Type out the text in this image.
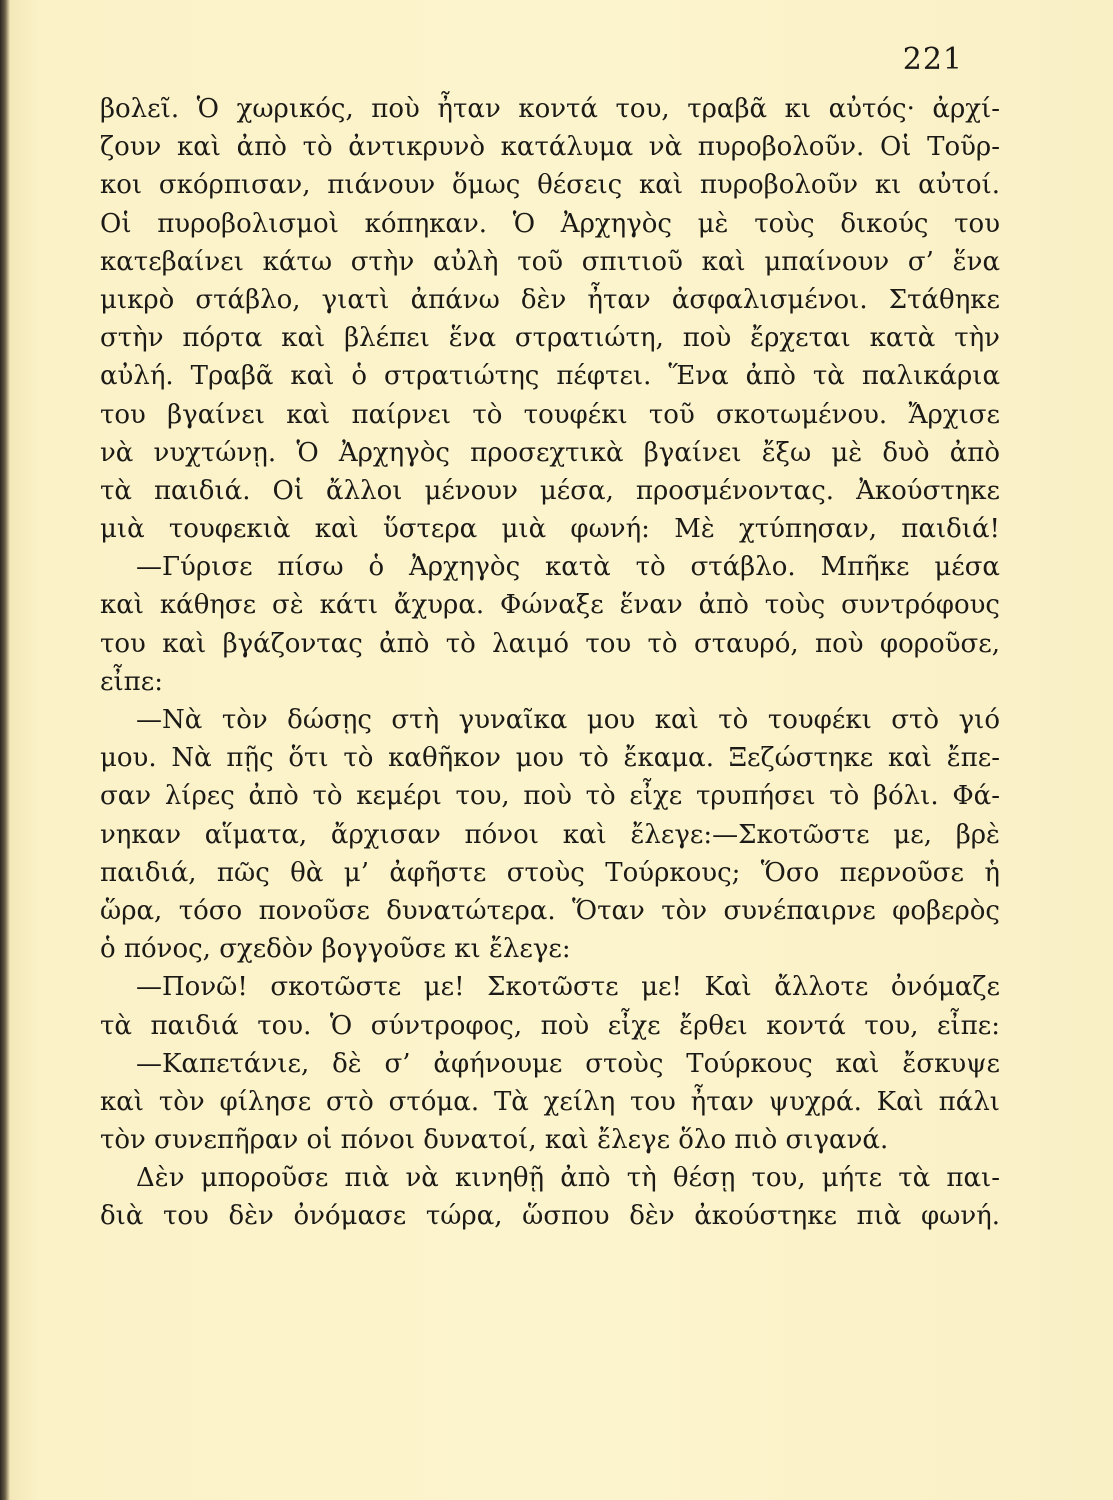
221
βολεῖ. Ὁ χωρικός, ποὺ ἦταν κοντά του, τραβᾶ κι αὐτός· ἀρχί-
ζουν καὶ ἀπὸ τὸ ἀντικρυνὸ κατάλυμα νὰ πυροβολοῦν. Οἱ Τοῦρ-
κοι σκόρπισαν, πιάνουν ὅμως θέσεις καὶ πυροβολοῦν κι αὐτοί.
Οἱ πυροβολισμοὶ κόπηκαν. Ὁ Ἀρχηγὸς μὲ τοὺς δικούς του
κατεβαίνει κάτω στὴν αὐλὴ τοῦ σπιτιοῦ καὶ μπαίνουν σ’ ἕνα
μικρὸ στάβλο, γιατὶ ἀπάνω δὲν ἦταν ἀσφαλισμένοι. Στάθηκε
στὴν πόρτα καὶ βλέπει ἕνα στρατιώτη, ποὺ ἔρχεται κατὰ τὴν
αὐλή. Τραβᾶ καὶ ὁ στρατιώτης πέφτει. Ἕνα ἀπὸ τὰ παλικάρια
του βγαίνει καὶ παίρνει τὸ τουφέκι τοῦ σκοτωμένου. Ἄρχισε
νὰ νυχτώνῃ. Ὁ Ἀρχηγὸς προσεχτικὰ βγαίνει ἔξω μὲ δυὸ ἀπὸ
τὰ παιδιά. Οἱ ἄλλοι μένουν μέσα, προσμένοντας. Ἀκούστηκε
μιὰ τουφεκιὰ καὶ ὕστερα μιὰ φωνή: Μὲ χτύπησαν, παιδιά!
—Γύρισε πίσω ὁ Ἀρχηγὸς κατὰ τὸ στάβλο. Μπῆκε μέσα
καὶ κάθησε σὲ κάτι ἄχυρα. Φώναξε ἕναν ἀπὸ τοὺς συντρόφους
του καὶ βγάζοντας ἀπὸ τὸ λαιμό του τὸ σταυρό, ποὺ φοροῦσε,
εἶπε:
—Νὰ τὸν δώσῃς στὴ γυναῖκα μου καὶ τὸ τουφέκι στὸ γιό
μου. Νὰ πῇς ὅτι τὸ καθῆκον μου τὸ ἔκαμα. Ξεζώστηκε καὶ ἔπε-
σαν λίρες ἀπὸ τὸ κεμέρι του, ποὺ τὸ εἶχε τρυπήσει τὸ βόλι. Φά-
νηκαν αἵματα, ἄρχισαν πόνοι καὶ ἔλεγε:—Σκοτῶστε με, βρὲ
παιδιά, πῶς θὰ μ’ ἀφῆστε στοὺς Τούρκους; Ὅσο περνοῦσε ἡ
ὥρα, τόσο πονοῦσε δυνατώτερα. Ὅταν τὸν συνέπαιρνε φοβερὸς
ὁ πόνος, σχεδὸν βογγοῦσε κι ἔλεγε:
—Πονῶ! σκοτῶστε με! Σκοτῶστε με! Καὶ ἄλλοτε ὀνόμαζε
τὰ παιδιά του. Ὁ σύντροφος, ποὺ εἶχε ἔρθει κοντά του, εἶπε:
—Καπετάνιε, δὲ σ’ ἀφήνουμε στοὺς Τούρκους καὶ ἔσκυψε
καὶ τὸν φίλησε στὸ στόμα. Τὰ χείλη του ἦταν ψυχρά. Καὶ πάλι
τὸν συνεπῆραν οἱ πόνοι δυνατοί, καὶ ἔλεγε ὅλο πιὸ σιγανά.
Δὲν μποροῦσε πιὰ νὰ κινηθῇ ἀπὸ τὴ θέσῃ του, μήτε τὰ παι-
διὰ του δὲν ὀνόμασε τώρα, ὥσπου δὲν ἀκούστηκε πιὰ φωνή.
